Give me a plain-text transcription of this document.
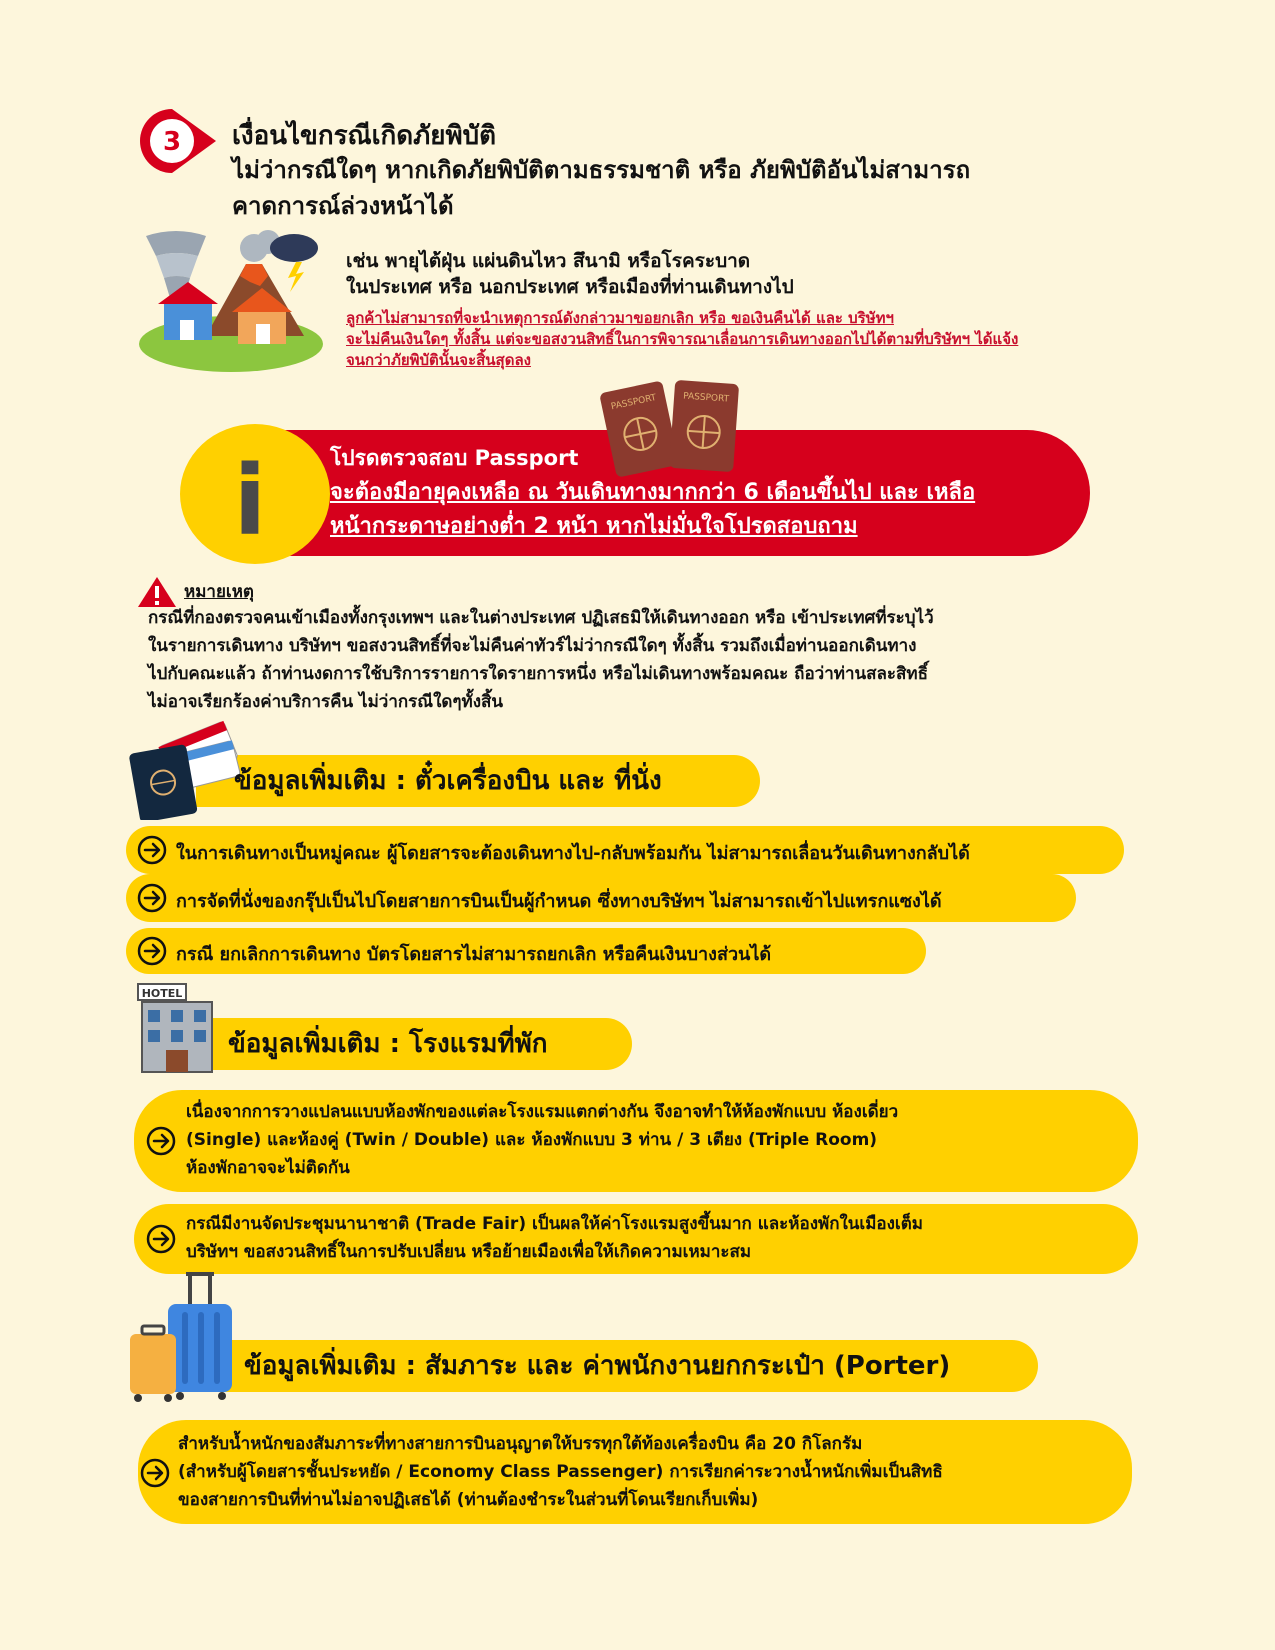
3 เงื่อนไขกรณีเกิดภัยพิบัติ
ไม่ว่ากรณีใดๆ หากเกิดภัยพิบัติตามธรรมชาติ หรือ ภัยพิบัติอันไม่สามารถ
คาดการณ์ล่วงหน้าได้
เช่น พายุไต้ฝุ่น แผ่นดินไหว สึนามิ หรือโรคระบาด
ในประเทศ หรือ นอกประเทศ หรือเมืองที่ท่านเดินทางไป
ลูกค้าไม่สามารถที่จะนำเหตุการณ์ดังกล่าวมาขอยกเลิก หรือ ขอเงินคืนได้ และ บริษัทฯ
จะไม่คืนเงินใดๆ ทั้งสิ้น แต่จะขอสงวนสิทธิ์ในการพิจารณาเลื่อนการเดินทางออกไปได้ตามที่บริษัทฯ ได้แจ้ง
จนกว่าภัยพิบัตินั้นจะสิ้นสุดลง
i
PASSPORT	PASSPORT
โปรดตรวจสอบ Passport
จะต้องมีอายุคงเหลือ ณ วันเดินทางมากกว่า 6 เดือนขึ้นไป และ เหลือ
หน้ากระดาษอย่างต่ำ 2 หน้า หากไม่มั่นใจโปรดสอบถาม
หมายเหตุ
กรณีที่กองตรวจคนเข้าเมืองทั้งกรุงเทพฯ และในต่างประเทศ ปฏิเสธมิให้เดินทางออก หรือ เข้าประเทศที่ระบุไว้
ในรายการเดินทาง บริษัทฯ ขอสงวนสิทธิ์ที่จะไม่คืนค่าทัวร์ไม่ว่ากรณีใดๆ ทั้งสิ้น รวมถึงเมื่อท่านออกเดินทาง
ไปกับคณะแล้ว ถ้าท่านงดการใช้บริการรายการใดรายการหนึ่ง หรือไม่เดินทางพร้อมคณะ ถือว่าท่านสละสิทธิ์
ไม่อาจเรียกร้องค่าบริการคืน ไม่ว่ากรณีใดๆทั้งสิ้น
ข้อมูลเพิ่มเติม : ตั๋วเครื่องบิน และ ที่นั่ง
ในการเดินทางเป็นหมู่คณะ ผู้โดยสารจะต้องเดินทางไป-กลับพร้อมกัน ไม่สามารถเลื่อนวันเดินทางกลับได้
การจัดที่นั่งของกรุ๊ปเป็นไปโดยสายการบินเป็นผู้กำหนด ซึ่งทางบริษัทฯ ไม่สามารถเข้าไปแทรกแซงได้
กรณี ยกเลิกการเดินทาง บัตรโดยสารไม่สามารถยกเลิก หรือคืนเงินบางส่วนได้
HOTEL
ข้อมูลเพิ่มเติม : โรงแรมที่พัก
เนื่องจากการวางแปลนแบบห้องพักของแต่ละโรงแรมแตกต่างกัน จึงอาจทำให้ห้องพักแบบ ห้องเดี่ยว
(Single) และห้องคู่ (Twin / Double) และ ห้องพักแบบ 3 ท่าน / 3 เตียง (Triple Room)
ห้องพักอาจจะไม่ติดกัน
กรณีมีงานจัดประชุมนานาชาติ (Trade Fair) เป็นผลให้ค่าโรงแรมสูงขึ้นมาก และห้องพักในเมืองเต็ม
บริษัทฯ ขอสงวนสิทธิ์ในการปรับเปลี่ยน หรือย้ายเมืองเพื่อให้เกิดความเหมาะสม
ข้อมูลเพิ่มเติม : สัมภาระ และ ค่าพนักงานยกกระเป๋า (Porter)
สำหรับน้ำหนักของสัมภาระที่ทางสายการบินอนุญาตให้บรรทุกใต้ท้องเครื่องบิน คือ 20 กิโลกรัม
(สำหรับผู้โดยสารชั้นประหยัด / Economy Class Passenger) การเรียกค่าระวางน้ำหนักเพิ่มเป็นสิทธิ
ของสายการบินที่ท่านไม่อาจปฏิเสธได้ (ท่านต้องชำระในส่วนที่โดนเรียกเก็บเพิ่ม)
